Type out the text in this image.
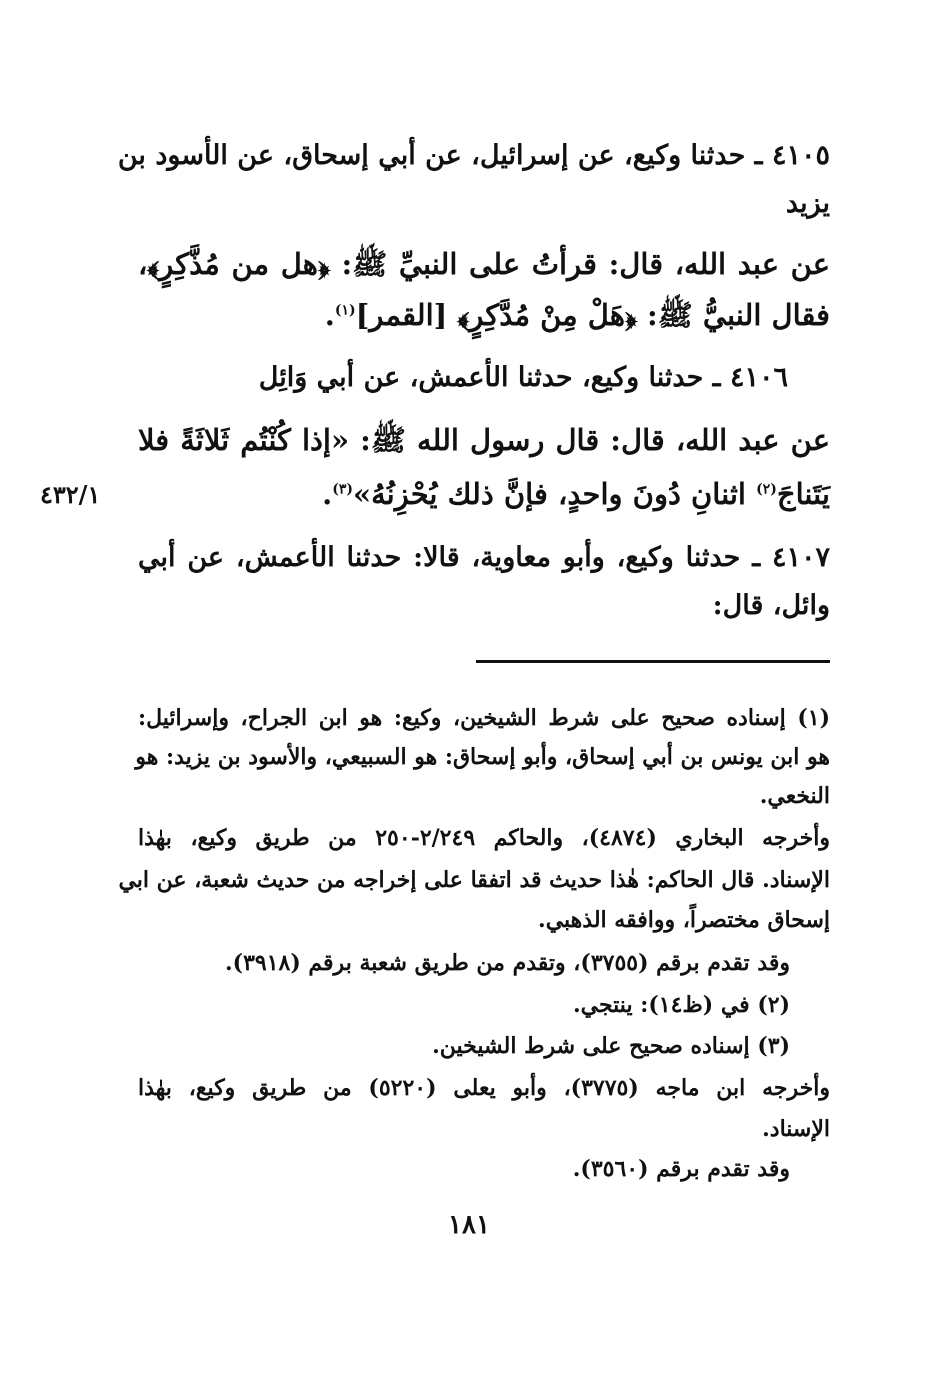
٤١٠٥ ـ حدثنا وكيع، عن إسرائيل، عن أبي إسحاق، عن الأسود بن
يزيد
عن عبد الله، قال: قرأتُ على النبيِّ ﷺ: ﴿هل من مُذَّكِرٍ﴾،
فقال النبيُّ ﷺ: ﴿هَلْ مِنْ مُدَّكِرٍ﴾ [القمر]$^{(١)}$.
٤١٠٦ ـ حدثنا وكيع، حدثنا الأعمش، عن أبي وَائِل
عن عبد الله، قال: قال رسول الله ﷺ: «إذا كُنْتُم ثَلاثَةً فلا
يَتَناجَ$^{(٢)}$ اثنانِ دُونَ واحدٍ، فإنَّ ذلك يُحْزِنُهُ»$^{(٣)}$.
٤٣٢/١
٤١٠٧ ـ حدثنا وكيع، وأبو معاوية، قالا: حدثنا الأعمش، عن أبي
وائل، قال:
(١) إسناده صحيح على شرط الشيخين، وكيع: هو ابن الجراح، وإسرائيل:
هو ابن يونس بن أبي إسحاق، وأبو إسحاق: هو السبيعي، والأسود بن يزيد: هو
النخعي.
وأخرجه البخاري (٤٨٧٤)، والحاكم ٢/٢٤٩-٢٥٠ من طريق وكيع، بهٰذا
الإسناد. قال الحاكم: هٰذا حديث قد اتفقا على إخراجه من حديث شعبة، عن ابي
إسحاق مختصراً، ووافقه الذهبي.
وقد تقدم برقم (٣٧٥٥)، وتقدم من طريق شعبة برقم (٣٩١٨).
(٢) في (ظ١٤): ينتجي.
(٣) إسناده صحيح على شرط الشيخين.
وأخرجه ابن ماجه (٣٧٧٥)، وأبو يعلى (٥٢٢٠) من طريق وكيع، بهٰذا
الإسناد.
وقد تقدم برقم (٣٥٦٠).
١٨١
